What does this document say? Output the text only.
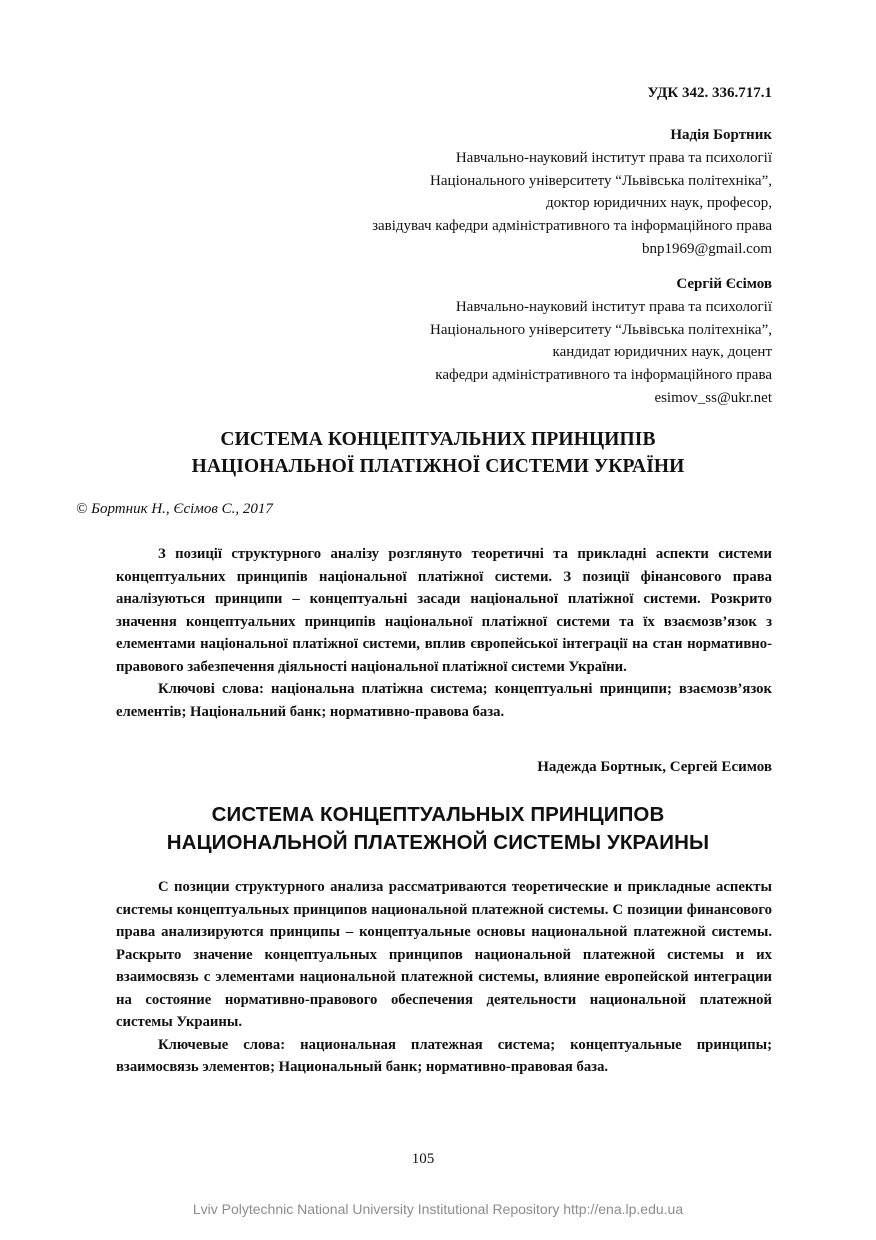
УДК 342. 336.717.1
Надія Бортник
Навчально-науковий інститут права та психології
Національного університету “Львівська політехніка”,
доктор юридичних наук, професор,
завідувач кафедри адміністративного та інформаційного права
bnp1969@gmail.com
Сергій Єсімов
Навчально-науковий інститут права та психології
Національного університету “Львівська політехніка”,
кандидат юридичних наук, доцент
кафедри адміністративного та інформаційного права
esimov_ss@ukr.net
СИСТЕМА КОНЦЕПТУАЛЬНИХ ПРИНЦИПІВ
НАЦІОНАЛЬНОЇ ПЛАТІЖНОЇ СИСТЕМИ УКРАЇНИ
© Бортник Н., Єсімов С., 2017

З позиції структурного аналізу розглянуто теоретичні та прикладні аспекти системи концептуальних принципів національної платіжної системи. З позиції фінансового права аналізуються принципи – концептуальні засади національної платіжної системи. Розкрито значення концептуальних принципів національної платіжної системи та їх взаємозв’язок з елементами національної платіжної системи, вплив європейської інтеграції на стан нормативно-правового забезпечення діяльності національної платіжної системи України.

Ключові слова: національна платіжна система; концептуальні принципи; взаємозв’язок елементів; Національний банк; нормативно-правова база.

Надежда Бортнык, Сергей Есимов
СИСТЕМА КОНЦЕПТУАЛЬНЫХ ПРИНЦИПОВ
НАЦИОНАЛЬНОЙ ПЛАТЕЖНОЙ СИСТЕМЫ УКРАИНЫ

С позиции структурного анализа рассматриваются теоретические и прикладные аспекты системы концептуальных принципов национальной платежной системы. С позиции финансового права анализируются принципы – концептуальные основы национальной платежной системы. Раскрыто значение концептуальных принципов национальной платежной системы и их взаимосвязь с элементами национальной платежной системы, влияние европейской интеграции на состояние нормативно-правового обеспечения деятельности национальной платежной системы Украины.

Ключевые слова: национальная платежная система; концептуальные принципы; взаимосвязь элементов; Национальный банк; нормативно-правовая база.

105
Lviv Polytechnic National University Institutional Repository http://ena.lp.edu.ua
